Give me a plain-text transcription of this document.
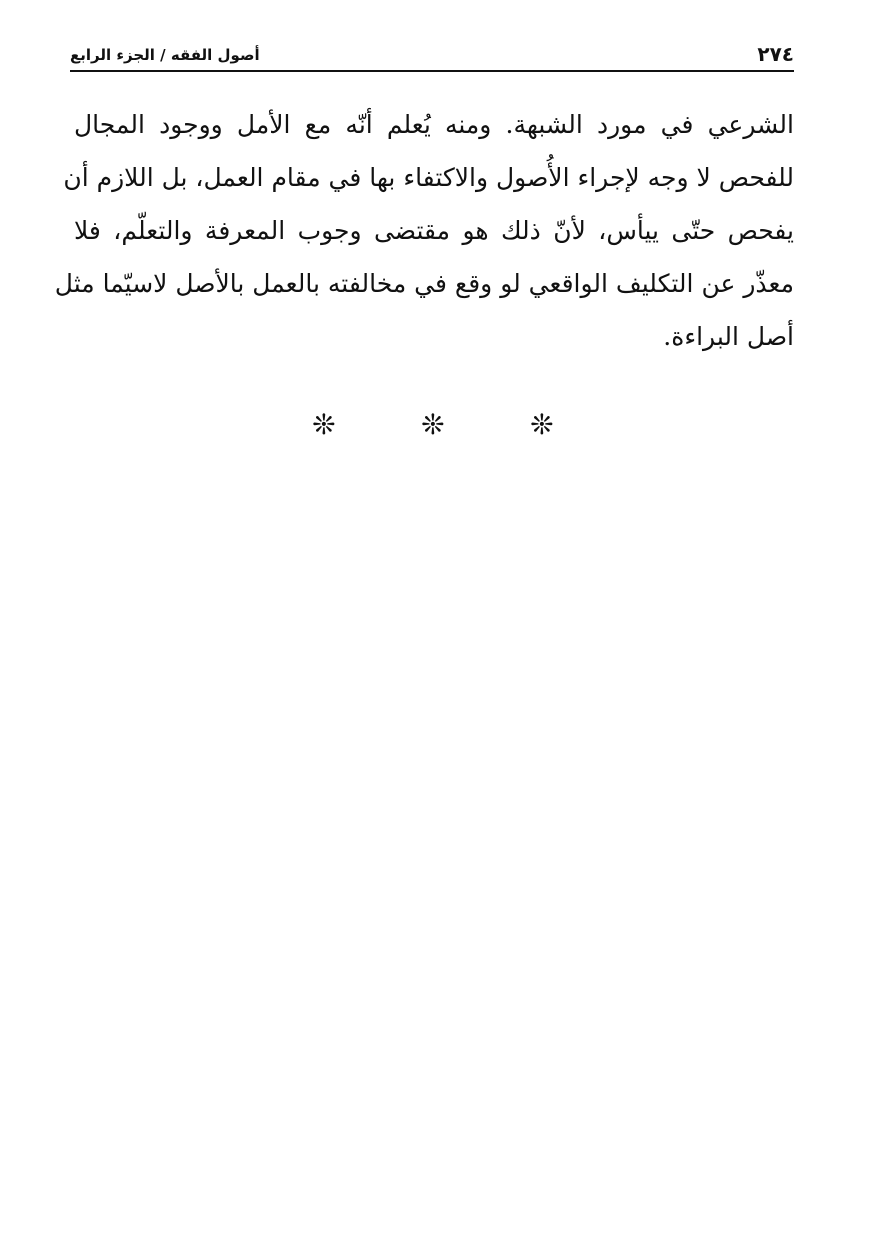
٢٧٤
أصول الفقه / الجزء الرابع
الشرعي في مورد الشبهة. ومنه يُعلم أنّه مع الأمل ووجود المجال
للفحص لا وجه لإجراء الأُصول والاكتفاء بها في مقام العمل، بل اللازم أن
يفحص حتّى ييأس، لأنّ ذلك هو مقتضى وجوب المعرفة والتعلّم، فلا
معذّر عن التكليف الواقعي لو وقع في مخالفته بالعمل بالأصل لاسيّما مثل
أصل البراءة.
❊
❊
❊
